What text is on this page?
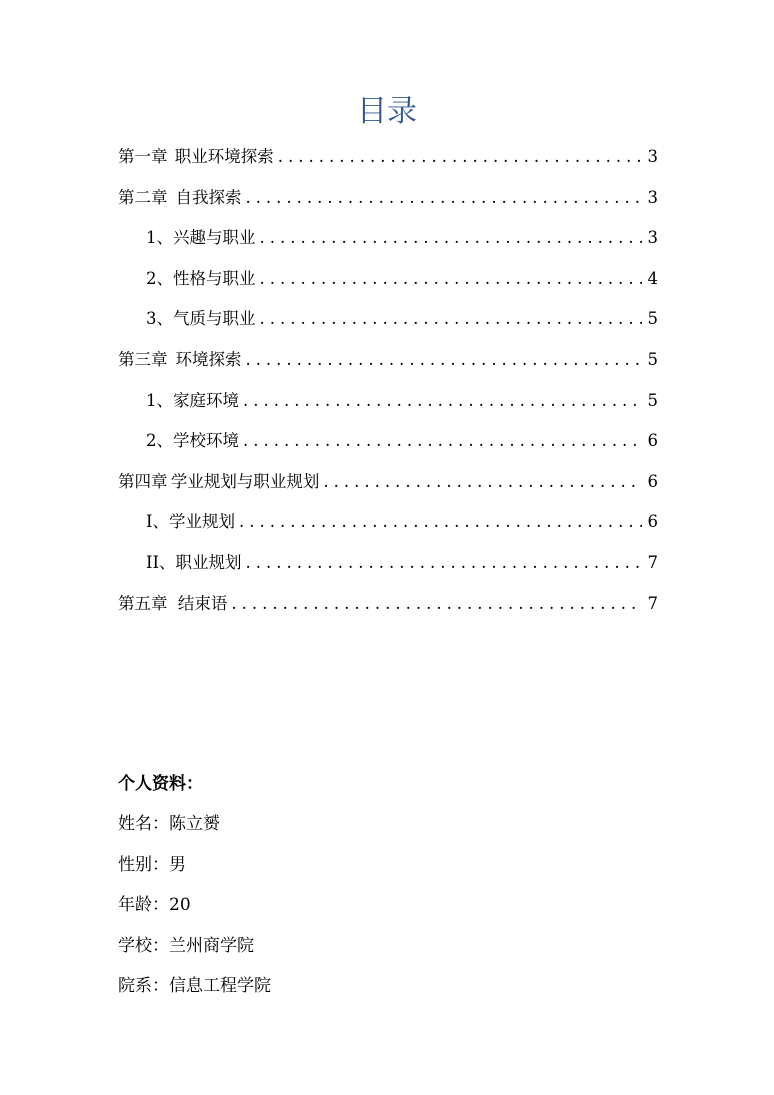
目录
第一章 职业环境探索 .....	3
第二章 自我探索 .....	3
1、兴趣与职业 .....	3
2、性格与职业 .....	4
3、气质与职业 .....	5
第三章 环境探索 .....	5
1、家庭环境 .....	5
2、学校环境 .....	6
第四章 学业规划与职业规划 .....	6
I、学业规划 .....	6
II、职业规划 .....	7
第五章 结束语 .....	7
个人资料：
姓名：陈立赟
性别：男
年龄：20
学校：兰州商学院
院系：信息工程学院
